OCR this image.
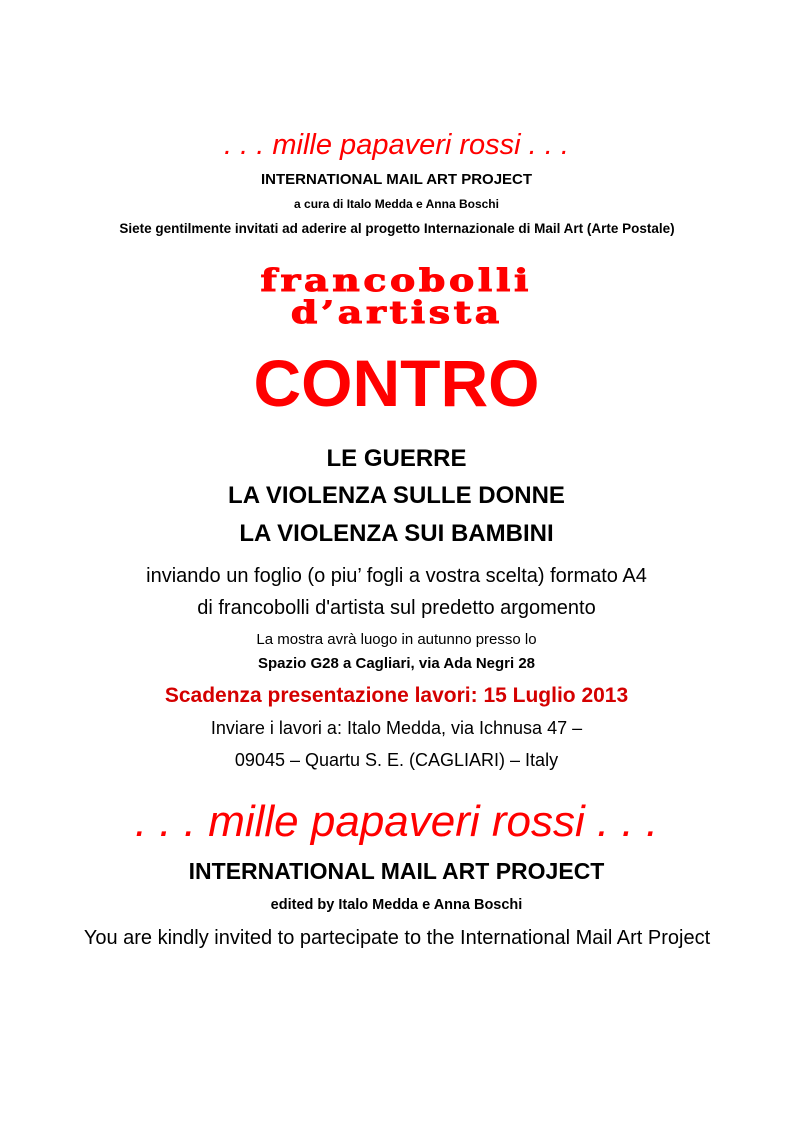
. . . mille papaveri rossi . . .
INTERNATIONAL MAIL ART PROJECT
a cura di Italo Medda e Anna Boschi
Siete gentilmente invitati ad aderire al progetto Internazionale di Mail Art (Arte Postale)
francobolli
d’artista
CONTRO
LE GUERRE
LA VIOLENZA SULLE DONNE
LA VIOLENZA SUI BAMBINI
inviando un foglio (o piu’ fogli a vostra scelta) formato A4
di francobolli d'artista sul predetto argomento
La mostra avrà luogo in autunno presso lo
Spazio G28 a Cagliari, via Ada Negri 28
Scadenza presentazione lavori: 15 Luglio 2013
Inviare i lavori a: Italo Medda, via Ichnusa 47 –
09045 – Quartu S. E. (CAGLIARI) – Italy
. . . mille papaveri rossi . . .
INTERNATIONAL MAIL ART PROJECT
edited by Italo Medda e Anna Boschi
You are kindly invited to partecipate to the International Mail Art Project
